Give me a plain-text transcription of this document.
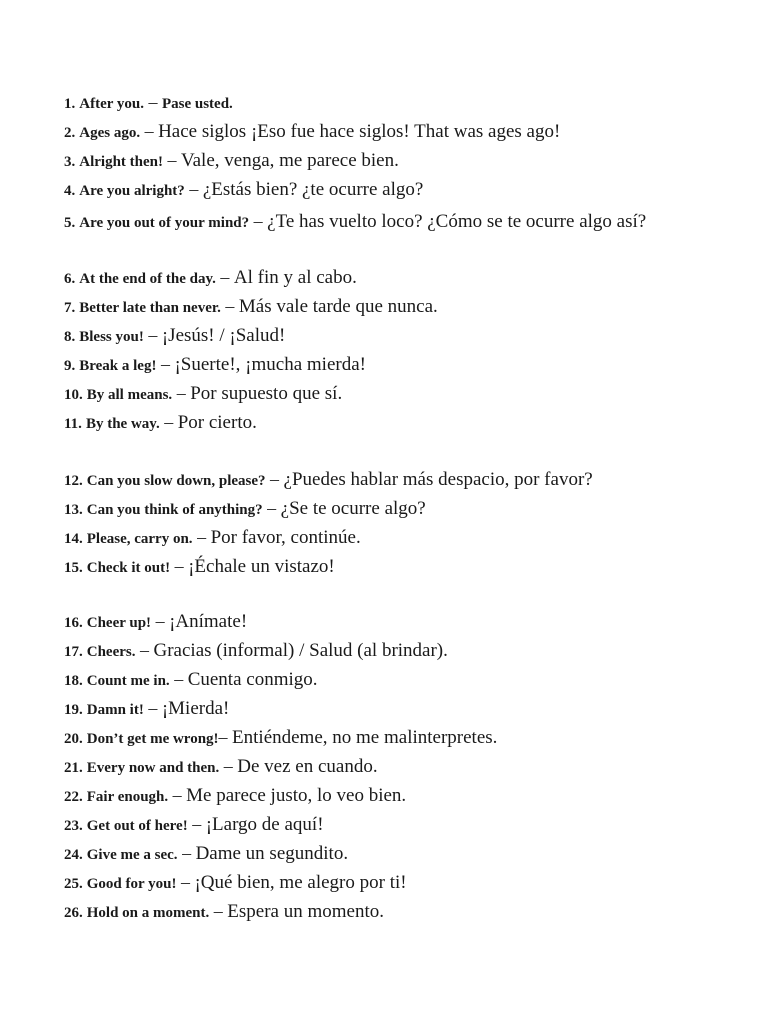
1. After you. – Pase usted.
2. Ages ago. – Hace siglos ¡Eso fue hace siglos! That was ages ago!
3. Alright then! – Vale, venga, me parece bien.
4. Are you alright? – ¿Estás bien? ¿te ocurre algo?
5. Are you out of your mind? – ¿Te has vuelto loco? ¿Cómo se te ocurre algo así?
6. At the end of the day. – Al fin y al cabo.
7. Better late than never. – Más vale tarde que nunca.
8. Bless you! – ¡Jesús! / ¡Salud!
9. Break a leg! – ¡Suerte!, ¡mucha mierda!
10. By all means. – Por supuesto que sí.
11. By the way. – Por cierto.
12. Can you slow down, please? – ¿Puedes hablar más despacio, por favor?
13. Can you think of anything? – ¿Se te ocurre algo?
14. Please, carry on. – Por favor, continúe.
15. Check it out! – ¡Échale un vistazo!
16. Cheer up! – ¡Anímate!
17. Cheers. – Gracias (informal) / Salud (al brindar).
18. Count me in. – Cuenta conmigo.
19. Damn it! – ¡Mierda!
20. Don’t get me wrong!– Entiéndeme, no me malinterpretes.
21. Every now and then. – De vez en cuando.
22. Fair enough. – Me parece justo, lo veo bien.
23. Get out of here! – ¡Largo de aquí!
24. Give me a sec. – Dame un segundito.
25. Good for you! – ¡Qué bien, me alegro por ti!
26. Hold on a moment. – Espera un momento.
